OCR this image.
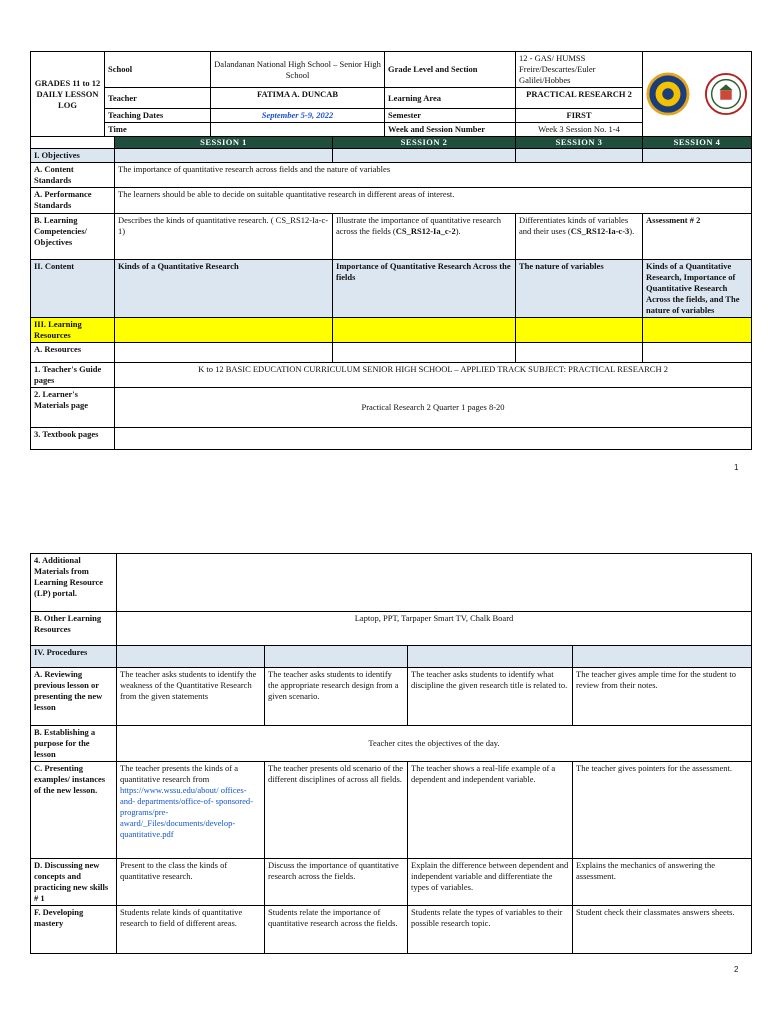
GRADES 11 to 12
DAILY LESSON LOG	School		Dalandanan National High School – Senior High School		Grade Level and Section	12 - GAS/ HUMSS Freire/Descartes/Euler Galilei/Hobbes	

	Teacher		FATIMA A. DUNCAB		Learning Area	PRACTICAL RESEARCH 2	
	Teaching Dates		September 5-9, 2022		Semester	FIRST	
	Time				Week and Session Number	Week 3 Session No. 1-4	
		SESSION 1		SESSION 2		SESSION 3	SESSION 4
I. Objectives							
A. Content Standards		The importance of quantitative research across fields and the nature of variables					
A. Performance Standards		The learners should be able to decide on suitable quantitative research in different areas of interest.					
B. Learning Competencies/ Objectives		Describes the kinds of quantitative research. ( CS_RS12-Ia-c-1)		Illustrate the importance of quantitative research across the fields (CS_RS12-Ia_c-2).		Differentiates kinds of variables and their uses (CS_RS12-Ia-c-3).	Assessment # 2
II. Content		Kinds of a Quantitative Research		Importance of Quantitative Research Across the fields		The nature of variables	Kinds of a Quantitative Research, Importance of Quantitative Research Across the fields, and The nature of variables
III. Learning Resources							
A. Resources							
1. Teacher's Guide pages		K to 12 BASIC EDUCATION CURRICULUM SENIOR HIGH SCHOOL – APPLIED TRACK SUBJECT: PRACTICAL RESEARCH 2					
2. Learner's Materials page		Practical Research 2 Quarter 1 pages 8-20					
3. Textbook pages							
1
4. Additional Materials from Learning Resource (LP) portal.				
B. Other Learning Resources	Laptop, PPT, Tarpaper Smart TV, Chalk Board			
IV. Procedures				
A. Reviewing previous lesson or presenting the new lesson	The teacher asks students to identify the weakness of the Quantitative Research from the given statements	The teacher asks students to identify the appropriate research design from a given scenario.	The teacher asks students to identify what discipline the given research title is related to.	The teacher gives ample time for the student to review from their notes.
B. Establishing a purpose for the lesson	Teacher cites the objectives of the day.			
C. Presenting examples/ instances of the new lesson.	The teacher presents the kinds of a quantitative research from https://www.wssu.edu/about/ offices-and- departments/office-of- sponsored-programs/pre- award/_Files/documents/develop- quantitative.pdf	The teacher presents old scenario of the different disciplines of across all fields.	The teacher shows a real-life example of a dependent and independent variable.	The teacher gives pointers for the assessment.
D. Discussing new concepts and practicing new skills # 1	Present to the class the kinds of quantitative research.	Discuss the importance of quantitative research across the fields.	Explain the difference between dependent and independent variable and differentiate the types of variables.	Explains the mechanics of answering the assessment.
F. Developing mastery	Students relate kinds of quantitative research to field of different areas.	Students relate the importance of quantitative research across the fields.	Students relate the types of variables to their possible research topic.	Student check their classmates answers sheets.
2
